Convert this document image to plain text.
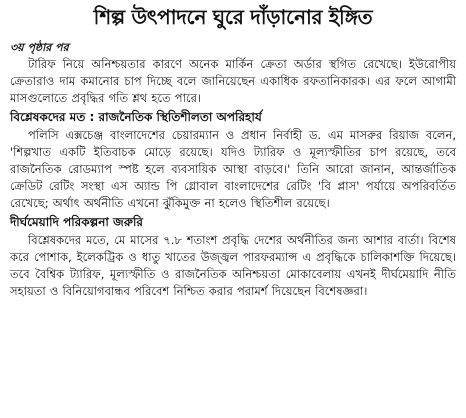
শিল্প উৎপাদনে ঘুরে দাঁড়ানোর ইঙ্গিত
৩য় পৃষ্ঠার পর

টারিফ নিয়ে অনিশ্চয়তার কারণে অনেক মার্কিন ক্রেতা অর্ডার স্থগিত রেখেছে। ইউরোপীয় ক্রেতারাও দাম কমানোর চাপ দিচ্ছে বলে জানিয়েছেন একাধিক রফতানিকারক। এর ফলে আগামী মাসগুলোতে প্রবৃদ্ধির গতি শ্লথ হতে পারে।

বিশ্লেষকদের মত : রাজনৈতিক স্থিতিশীলতা অপরিহার্য

পলিসি এক্সচেঞ্জ বাংলাদেশের চেয়ারম্যান ও প্রধান নির্বাহী ড. এম মাসরুর রিয়াজ বলেন, 'শিল্পখাত একটি ইতিবাচক মোড়ে রয়েছে। যদিও ট্যারিফ ও মূল্যস্ফীতির চাপ রয়েছে, তবে রাজনৈতিক রোডম্যাপ স্পষ্ট হলে ব্যবসায়িক আস্থা বাড়বে।' তিনি আরো জানান, আন্তর্জাতিক ক্রেডিট রেটিং সংস্থা এস অ্যান্ড পি গ্লোবাল বাংলাদেশের রেটিং 'বি প্লাস' পর্যায়ে অপরিবর্তিত রেখেছে; অর্থাৎ অর্থনীতি এখনো ঝুঁকিমুক্ত না হলেও স্থিতিশীল রয়েছে।

দীর্ঘমেয়াদি পরিকল্পনা জরুরি

বিশ্লেষকদের মতে, মে মাসের ৭.৮ শতাংশ প্রবৃদ্ধি দেশের অর্থনীতির জন্য আশার বার্তা। বিশেষ করে পোশাক, ইলেকট্রিক ও ধাতু খাতের উজ্জ্বল পারফরম্যান্স এ প্রবৃদ্ধিকে চালিকাশক্তি দিয়েছে। তবে বৈশ্বিক ট্যারিফ, মূল্যস্ফীতি ও রাজনৈতিক অনিশ্চয়তা মোকাবেলায় এখনই দীর্ঘমেয়াদি নীতি সহায়তা ও বিনিয়োগবান্ধব পরিবেশ নিশ্চিত করার পরামর্শ দিয়েছেন বিশেষজ্ঞরা।
